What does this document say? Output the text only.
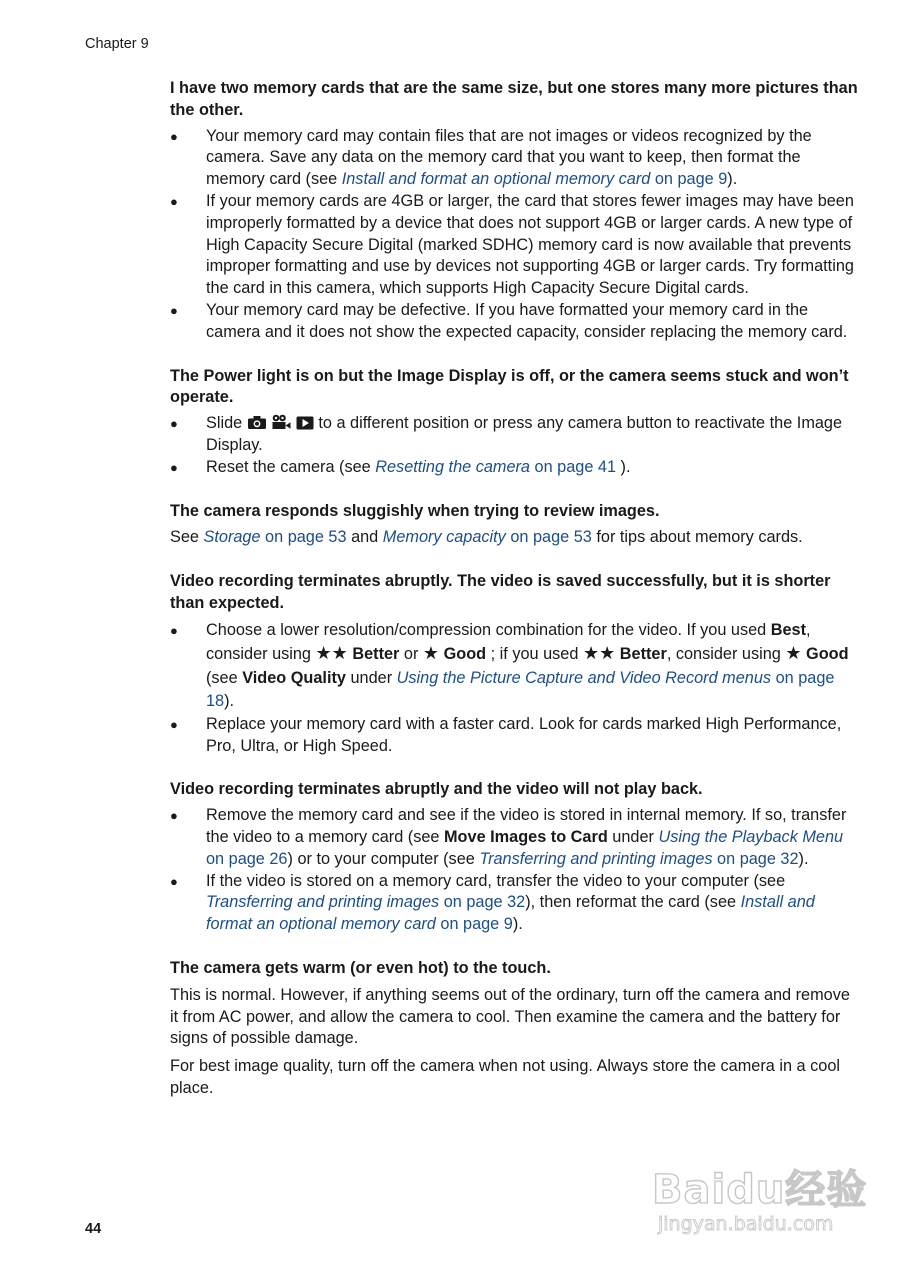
Chapter 9

I have two memory cards that are the same size, but one stores many more pictures than the other.

● Your memory card may contain files that are not images or videos recognized by the camera. Save any data on the memory card that you want to keep, then format the memory card (see Install and format an optional memory card on page 9).
● If your memory cards are 4GB or larger, the card that stores fewer images may have been improperly formatted by a device that does not support 4GB or larger cards. A new type of High Capacity Secure Digital (marked SDHC) memory card is now available that prevents improper formatting and use by devices not supporting 4GB or larger cards. Try formatting the card in this camera, which supports High Capacity Secure Digital cards.
● Your memory card may be defective. If you have formatted your memory card in the camera and it does not show the expected capacity, consider replacing the memory card.

The Power light is on but the Image Display is off, or the camera seems stuck and won’t operate.

● Slide	to a different position or press any camera button to reactivate the Image Display.
● Reset the camera (see Resetting the camera on page 41 ).

The camera responds sluggishly when trying to review images.

See Storage on page 53 and Memory capacity on page 53 for tips about memory cards.

Video recording terminates abruptly. The video is saved successfully, but it is shorter than expected.

● Choose a lower resolution/compression combination for the video. If you used Best, consider using ★★ Better or ★ Good ; if you used ★★ Better, consider using ★ Good (see Video Quality under Using the Picture Capture and Video Record menus on page 18).
● Replace your memory card with a faster card. Look for cards marked High Performance, Pro, Ultra, or High Speed.

Video recording terminates abruptly and the video will not play back.

● Remove the memory card and see if the video is stored in internal memory. If so, transfer the video to a memory card (see Move Images to Card under Using the Playback Menu on page 26) or to your computer (see Transferring and printing images on page 32).
● If the video is stored on a memory card, transfer the video to your computer (see Transferring and printing images on page 32), then reformat the card (see Install and format an optional memory card on page 9).

The camera gets warm (or even hot) to the touch.

This is normal. However, if anything seems out of the ordinary, turn off the camera and remove it from AC power, and allow the camera to cool. Then examine the camera and the battery for signs of possible damage.

For best image quality, turn off the camera when not using. Always store the camera in a cool place.

44
Baidu经验
jingyan.baidu.com
